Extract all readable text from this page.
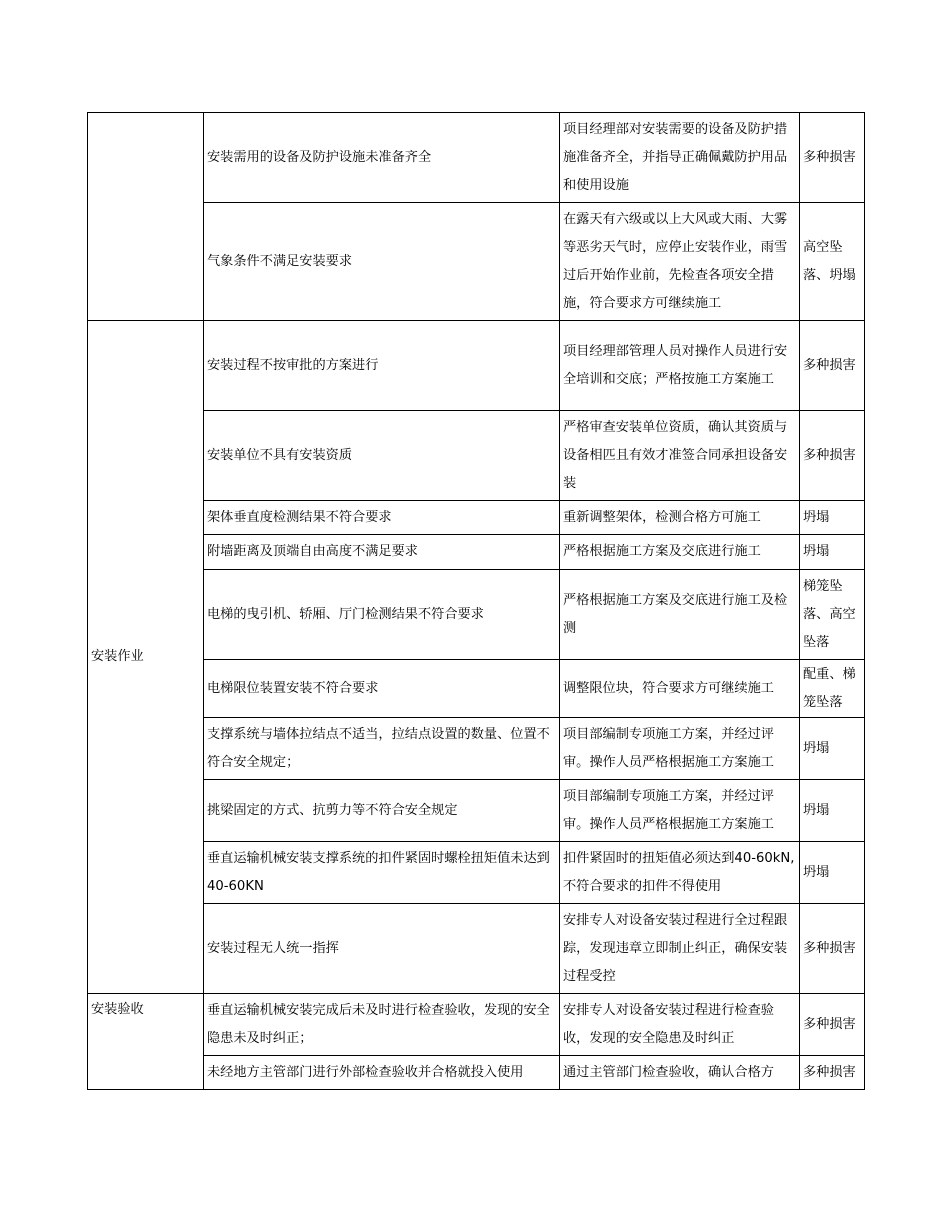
	安装需用的设备及防护设施未准备齐全	项目经理部对安装需要的设备及防护措施准备齐全，并指导正确佩戴防护用品和使用设施	多种损害
	气象条件不满足安装要求	在露天有六级或以上大风或大雨、大雾等恶劣天气时，应停止安装作业，雨雪过后开始作业前，先检查各项安全措施，符合要求方可继续施工	高空坠落、坍塌
安装作业	安装过程不按审批的方案进行	项目经理部管理人员对操作人员进行安全培训和交底；严格按施工方案施工	多种损害
	安装单位不具有安装资质	严格审查安装单位资质，确认其资质与设备相匹且有效才准签合同承担设备安装	多种损害
	架体垂直度检测结果不符合要求	重新调整架体，检测合格方可施工	坍塌
	附墙距离及顶端自由高度不满足要求	严格根据施工方案及交底进行施工	坍塌
	电梯的曳引机、轿厢、厅门检测结果不符合要求	严格根据施工方案及交底进行施工及检测	梯笼坠落、高空坠落
	电梯限位装置安装不符合要求	调整限位块，符合要求方可继续施工	配重、梯笼坠落
	支撑系统与墙体拉结点不适当，拉结点设置的数量、位置不符合安全规定；	项目部编制专项施工方案，并经过评审。操作人员严格根据施工方案施工	坍塌
	挑梁固定的方式、抗剪力等不符合安全规定	项目部编制专项施工方案，并经过评审。操作人员严格根据施工方案施工	坍塌
	垂直运输机械安装支撑系统的扣件紧固时螺栓扭矩值未达到40-60KN	扣件紧固时的扭矩值必须达到40-60kN,不符合要求的扣件不得使用	坍塌
	安装过程无人统一指挥	安排专人对设备安装过程进行全过程跟踪，发现违章立即制止纠正，确保安装过程受控	多种损害
安装验收	垂直运输机械安装完成后未及时进行检查验收，发现的安全隐患未及时纠正；	安排专人对设备安装过程进行检查验收，发现的安全隐患及时纠正	多种损害
	未经地方主管部门进行外部检查验收并合格就投入使用	通过主管部门检查验收，确认合格方	多种损害
